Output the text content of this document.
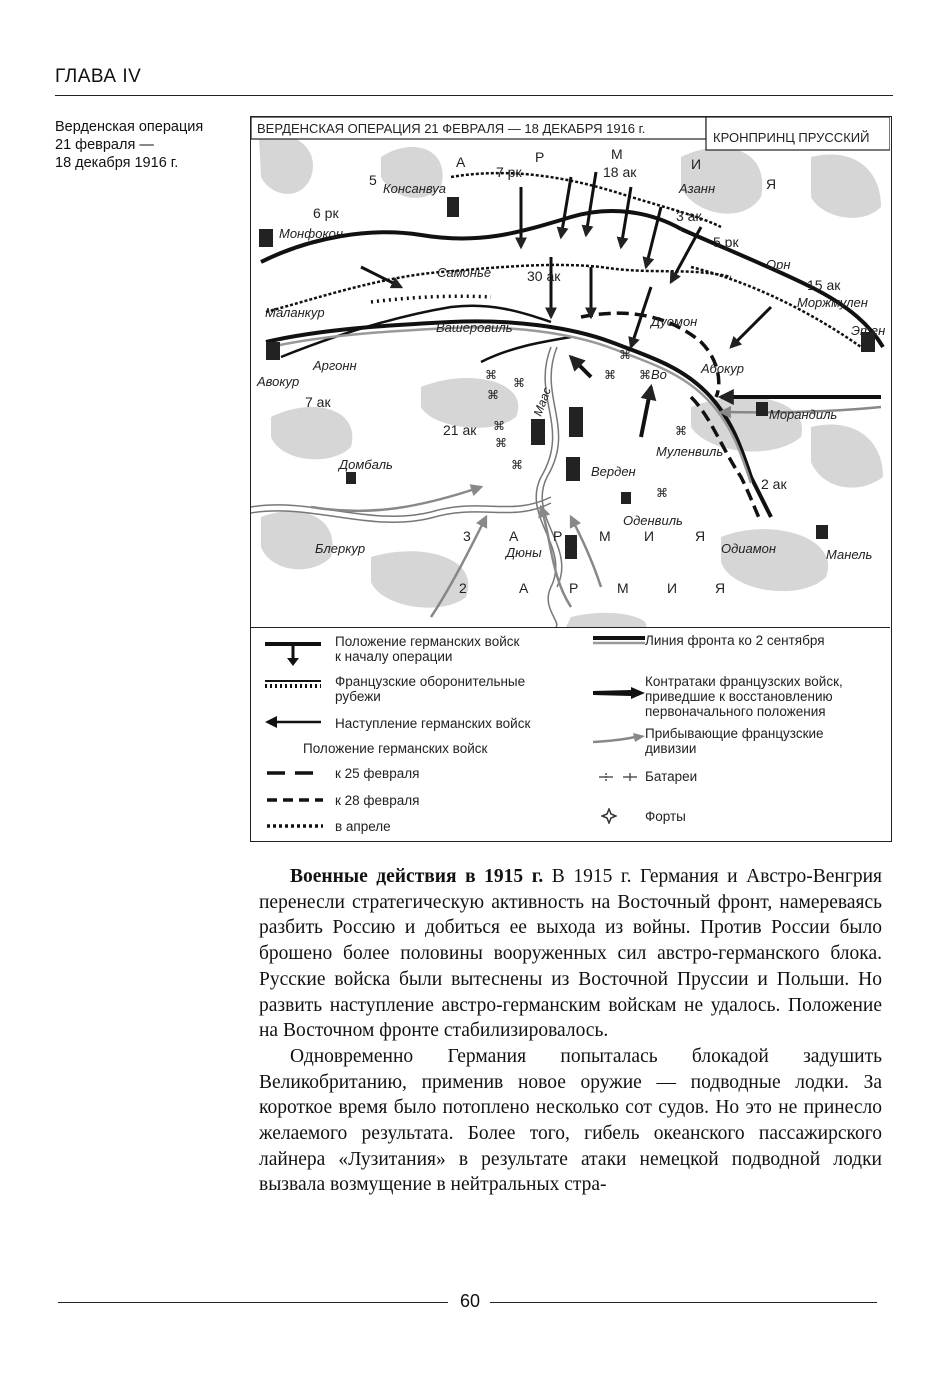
ГЛАВА IV
Верденская операция
21 февраля —
18 декабря 1916 г.
⌘
⌘
⌘
⌘
⌘
⌘
⌘
⌘
⌘
⌘
⌘
ВЕРДЕНСКАЯ ОПЕРАЦИЯ 21 ФЕВРАЛЯ — 18 ДЕКАБРЯ 1916 г.
КРОНПРИНЦ ПРУССКИЙ
5
Консанвуа
А	Р
7 рк
М
И
Я
18 ак
Азанн
3 ак
6 рк
Монфокон
5 рк
Самонье	30 ак
Орн
15 ак
Моржмулен
Маланкур
Вашеровиль	Дуомон
Этен
Аргонн	Абокур
Авокур	Во
7 ак
Морандиль
21 ак
Маас
Муленвиль
Домбаль	Верден
2 ак
Оденвиль
Блеркур
3	А Р	М И	Я
Дюны	Одиамон	Манель
2	А	Р	М	И	Я
Положение германских войск
к началу операции
Французские оборонительные
рубежи
Наступление германских войск
Положение германских войск
к 25 февраля
к 28 февраля
в апреле
Линия фронта ко 2 сентября
Контратаки французских войск,
приведшие к восстановлению
первоначального положения
Прибывающие французские
дивизии
Батареи
Форты

Военные действия в 1915 г. В 1915 г. Германия и Австро-Венгрия перенесли стратегическую активность на Восточный фронт, намереваясь разбить Россию и добиться ее выхода из войны. Против России было брошено более половины вооруженных сил австро-германского блока. Русские войска были вытеснены из Восточной Пруссии и Польши. Но развить наступление австро-германским войскам не удалось. Положение на Восточном фронте стабилизировалось.

Одновременно Германия попыталась блокадой задушить Великобританию, применив новое оружие — подводные лодки. За короткое время было потоплено несколько сот судов. Но это не принесло желаемого результата. Более того, гибель океанского пассажирского лайнера «Лузитания» в результате атаки немецкой подводной лодки вызвала возмущение в нейтральных стра-

60
